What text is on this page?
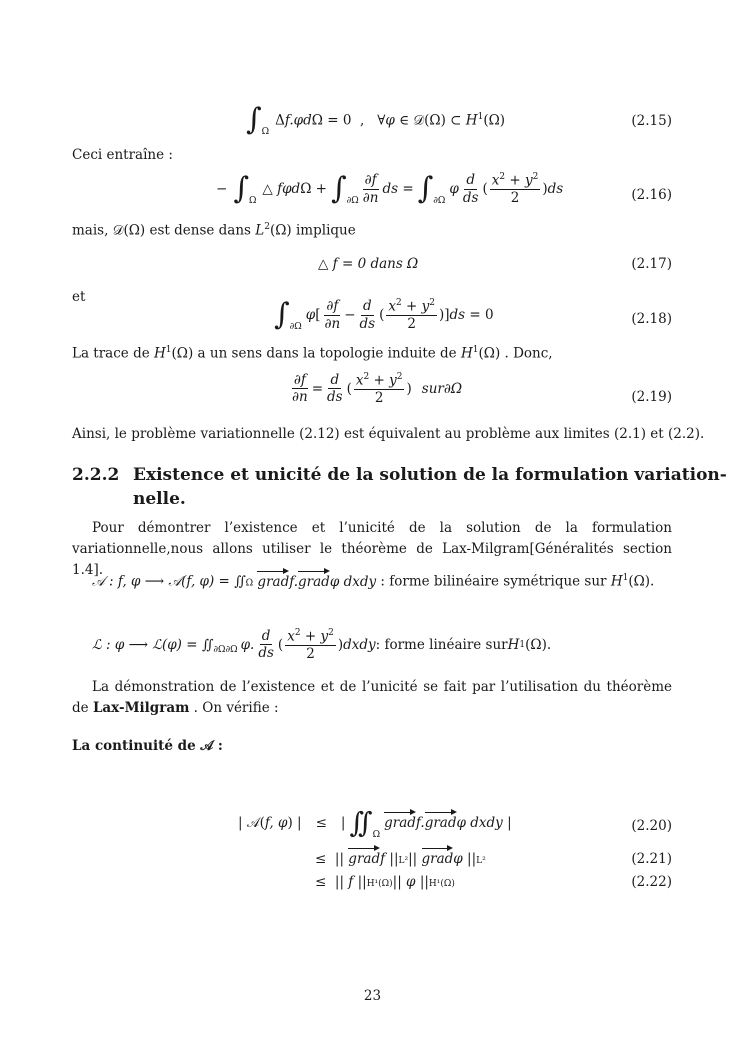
∫ Ω
Δf.φdΩ = 0  ,   ∀φ ∈ 𝒟(Ω) ⊂ $H^1(\Omega)$	(2.15)
Ceci entraîne :
− ∫ Ω
△ fφdΩ + ∫ $\partial\Omega \frac{\partial f}{\partial n}$ ds = ∫ ∂Ω
φ $\frac{d}{ds}$ ( $\frac{x^2 + y^2}{2}$ ) ds	(2.16)
mais, 𝒟(Ω) est dense dans $L^2(\Omega)$ implique
△ f = 0 dans Ω	(2.17)
et	∫ ∂Ω
$\varphi[ \frac{\partial f}{\partial n} - \frac{d}{ds}$ ( $\frac{x^2 + y^2}{2}$ )] ds = 0	(2.18)
La trace de $H^1(\Omega)$ a un sens dans la topologie induite de $H^1(\Omega)$ . Donc,
$\frac{\partial f}{\partial n} = \frac{d}{ds}$ ( $\frac{x^2 + y^2}{2}$ ) sur∂Ω
(2.19)
Ainsi, le problème variationnelle (2.12) est équivalent au problème aux limites (2.1) et (2.2).
2.2.2 Existence et unicité de la solution de la formulation variation-
nelle.

Pour démontrer l’existence et l’unicité de la solution de la formulation variationnelle,nous allons utiliser le théorème de Lax-Milgram[Généralités section 1.4].

𝒜 : f, φ ⟶ 𝒜(f, φ) = ∬Ω gradf.gradφ dxdy : forme bilinéaire symétrique sur $H^1(\Omega)$.
ℒ : φ ⟶ ℒ(φ) =
∬ ∂Ω∂Ω φ. $\frac{d}{ds}$ ( $\frac{x^2 + y^2}{2}$ ) dxdy : forme linéaire sur H 1 (Ω).

La démonstration de l’existence et de l’unicité se fait par l’utilisation du théorème de Lax-Milgram . On vérifie :

La continuité de 𝒜 :
| 𝒜( f, φ ) | ≤ | ∫∫ Ω
gradf.gradφ dxdy |	(2.20)
≤  || gradf ||L²|| gradφ ||L²	(2.21)
≤  || f ||H¹(Ω)|| φ ||H¹(Ω)	(2.22)
23
